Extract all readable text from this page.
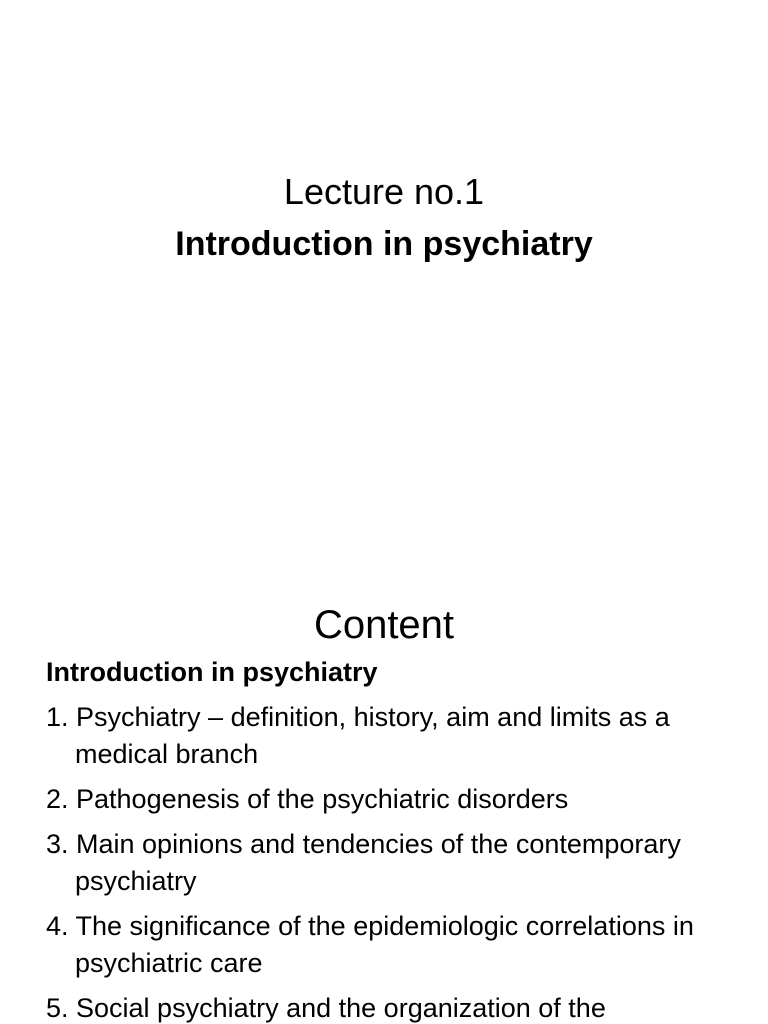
Lecture no.1
Introduction in psychiatry
Content
Introduction in psychiatry
1. Psychiatry – definition, history, aim and limits as a medical branch
2. Pathogenesis of the psychiatric disorders
3. Main opinions and tendencies of the contemporary psychiatry
4. The significance of the epidemiologic correlations in psychiatric care
5. Social psychiatry and the organization of the
